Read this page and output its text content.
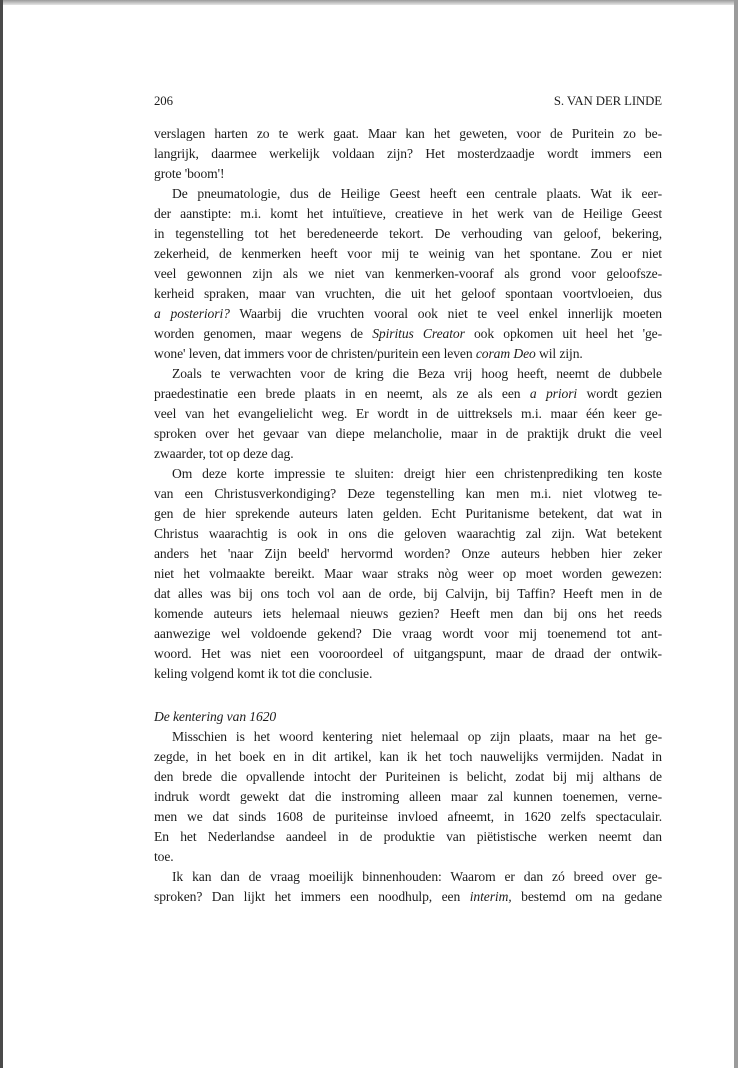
206	S. VAN DER LINDE
verslagen harten zo te werk gaat. Maar kan het geweten, voor de Puritein zo be-
langrijk, daarmee werkelijk voldaan zijn? Het mosterdzaadje wordt immers een
grote 'boom'!
De pneumatologie, dus de Heilige Geest heeft een centrale plaats. Wat ik eer-
der aanstipte: m.i. komt het intuïtieve, creatieve in het werk van de Heilige Geest
in tegenstelling tot het beredeneerde tekort. De verhouding van geloof, bekering,
zekerheid, de kenmerken heeft voor mij te weinig van het spontane. Zou er niet
veel gewonnen zijn als we niet van kenmerken-vooraf als grond voor geloofsze-
kerheid spraken, maar van vruchten, die uit het geloof spontaan voortvloeien, dus
a posteriori? Waarbij die vruchten vooral ook niet te veel enkel innerlijk moeten
worden genomen, maar wegens de Spiritus Creator ook opkomen uit heel het 'ge-
wone' leven, dat immers voor de christen/puritein een leven coram Deo wil zijn.
Zoals te verwachten voor de kring die Beza vrij hoog heeft, neemt de dubbele
praedestinatie een brede plaats in en neemt, als ze als een a priori wordt gezien
veel van het evangelielicht weg. Er wordt in de uittreksels m.i. maar één keer ge-
sproken over het gevaar van diepe melancholie, maar in de praktijk drukt die veel
zwaarder, tot op deze dag.
Om deze korte impressie te sluiten: dreigt hier een christenprediking ten koste
van een Christusverkondiging? Deze tegenstelling kan men m.i. niet vlotweg te-
gen de hier sprekende auteurs laten gelden. Echt Puritanisme betekent, dat wat in
Christus waarachtig is ook in ons die geloven waarachtig zal zijn. Wat betekent
anders het 'naar Zijn beeld' hervormd worden? Onze auteurs hebben hier zeker
niet het volmaakte bereikt. Maar waar straks nòg weer op moet worden gewezen:
dat alles was bij ons toch vol aan de orde, bij Calvijn, bij Taffin? Heeft men in de
komende auteurs iets helemaal nieuws gezien? Heeft men dan bij ons het reeds
aanwezige wel voldoende gekend? Die vraag wordt voor mij toenemend tot ant-
woord. Het was niet een vooroordeel of uitgangspunt, maar de draad der ontwik-
keling volgend komt ik tot die conclusie.
De kentering van 1620
Misschien is het woord kentering niet helemaal op zijn plaats, maar na het ge-
zegde, in het boek en in dit artikel, kan ik het toch nauwelijks vermijden. Nadat in
den brede die opvallende intocht der Puriteinen is belicht, zodat bij mij althans de
indruk wordt gewekt dat die instroming alleen maar zal kunnen toenemen, verne-
men we dat sinds 1608 de puriteinse invloed afneemt, in 1620 zelfs spectaculair.
En het Nederlandse aandeel in de produktie van piëtistische werken neemt dan
toe.
Ik kan dan de vraag moeilijk binnenhouden: Waarom er dan zó breed over ge-
sproken? Dan lijkt het immers een noodhulp, een interim, bestemd om na gedane
